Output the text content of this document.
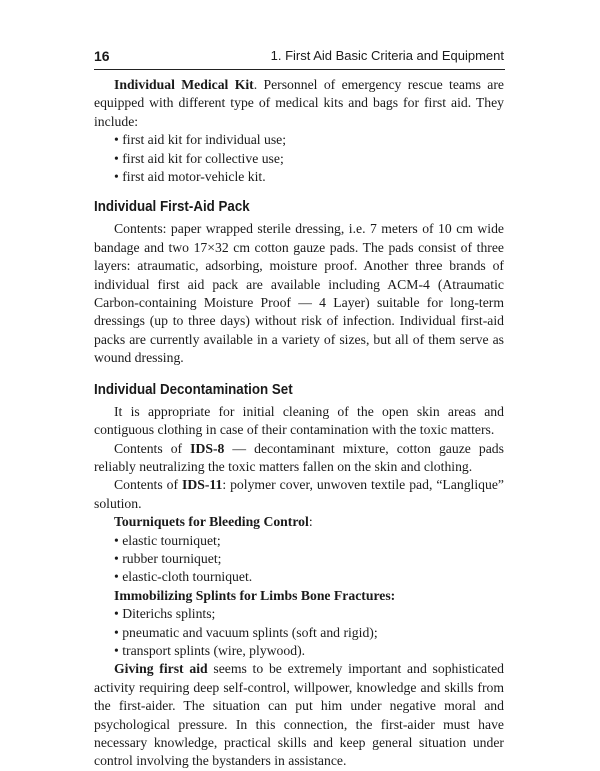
16	1. First Aid Basic Criteria and Equipment

Individual Medical Kit. Personnel of emergency rescue teams are equipped with different type of medical kits and bags for first aid. They include:

• first aid kit for individual use;
• first aid kit for collective use;
• first aid motor-vehicle kit.
Individual First-Aid Pack

Contents: paper wrapped sterile dressing, i.e. 7 meters of 10 cm wide bandage and two 17×32 cm cotton gauze pads. The pads consist of three layers: atraumatic, adsorbing, moisture proof. Another three brands of individual first aid pack are available including ACM-4 (Atraumatic Carbon-containing Moisture Proof — 4 Layer) suitable for long-term dressings (up to three days) without risk of infection. Individual first-aid packs are currently available in a variety of sizes, but all of them serve as wound dressing.

Individual Decontamination Set

It is appropriate for initial cleaning of the open skin areas and contiguous clothing in case of their contamination with the toxic matters.

Contents of IDS-8 — decontaminant mixture, cotton gauze pads reliably neutralizing the toxic matters fallen on the skin and clothing.

Contents of IDS-11: polymer cover, unwoven textile pad, “Langlique” solution.

Tourniquets for Bleeding Control:

• elastic tourniquet;
• rubber tourniquet;
• elastic-cloth tourniquet.

Immobilizing Splints for Limbs Bone Fractures:

• Diterichs splints;
• pneumatic and vacuum splints (soft and rigid);
• transport splints (wire, plywood).

Giving first aid seems to be extremely important and sophisticated activity requiring deep self-control, willpower, knowledge and skills from the first-aider. The situation can put him under negative moral and psychological pressure. In this connection, the first-aider must have necessary knowledge, practical skills and keep general situation under control involving the bystanders in assistance.
